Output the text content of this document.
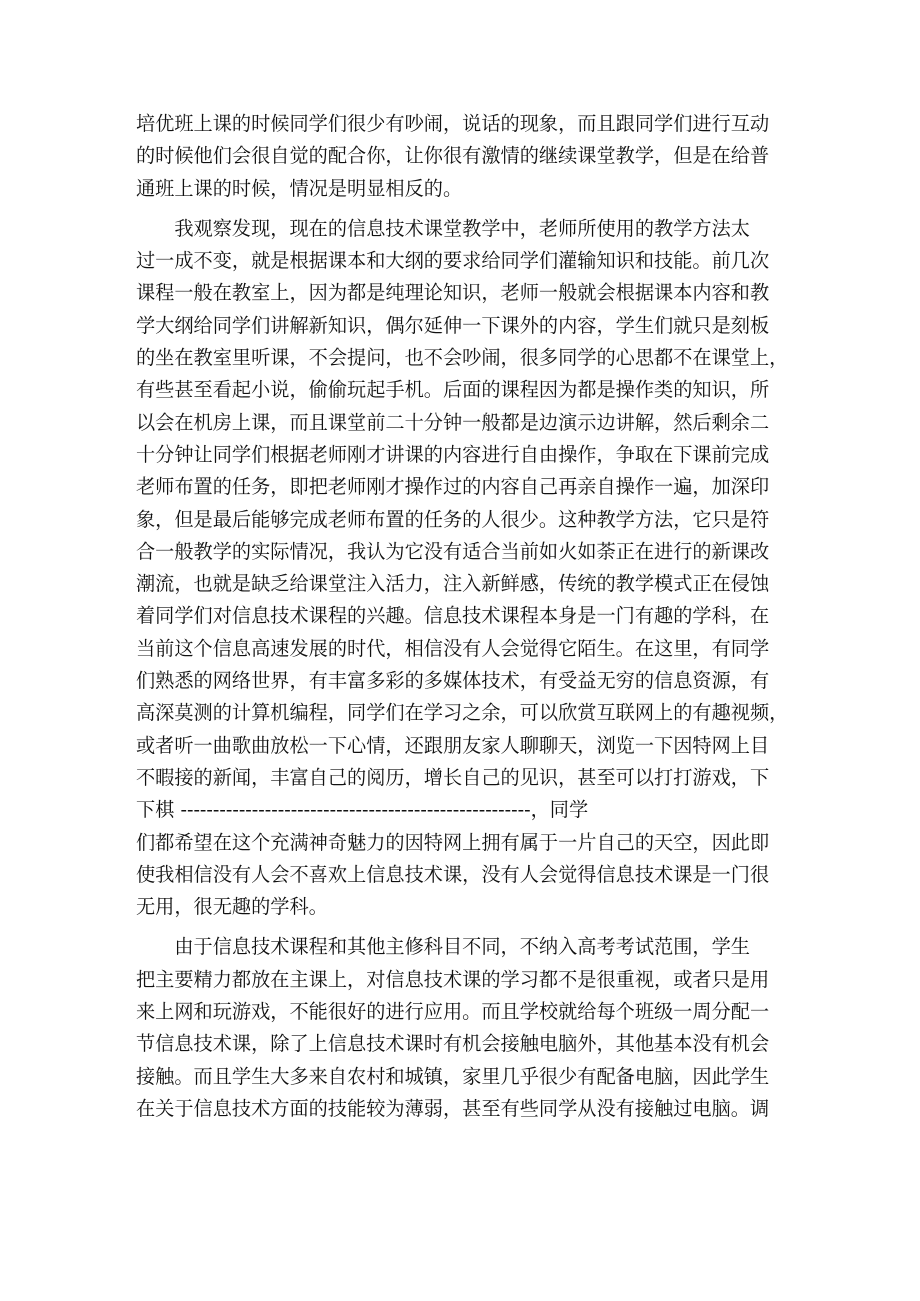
培优班上课的时候同学们很少有吵闹，说话的现象，而且跟同学们进行互动
的时候他们会很自觉的配合你，让你很有激情的继续课堂教学，但是在给普
通班上课的时候，情况是明显相反的。
　　我观察发现，现在的信息技术课堂教学中，老师所使用的教学方法太
过一成不变，就是根据课本和大纲的要求给同学们灌输知识和技能。前几次
课程一般在教室上，因为都是纯理论知识，老师一般就会根据课本内容和教
学大纲给同学们讲解新知识，偶尔延伸一下课外的内容，学生们就只是刻板
的坐在教室里听课，不会提问，也不会吵闹，很多同学的心思都不在课堂上，
有些甚至看起小说，偷偷玩起手机。后面的课程因为都是操作类的知识，所
以会在机房上课，而且课堂前二十分钟一般都是边演示边讲解，然后剩余二
十分钟让同学们根据老师刚才讲课的内容进行自由操作，争取在下课前完成
老师布置的任务，即把老师刚才操作过的内容自己再亲自操作一遍，加深印
象，但是最后能够完成老师布置的任务的人很少。这种教学方法，它只是符
合一般教学的实际情况，我认为它没有适合当前如火如荼正在进行的新课改
潮流，也就是缺乏给课堂注入活力，注入新鲜感，传统的教学模式正在侵蚀
着同学们对信息技术课程的兴趣。信息技术课程本身是一门有趣的学科，在
当前这个信息高速发展的时代，相信没有人会觉得它陌生。在这里，有同学
们熟悉的网络世界，有丰富多彩的多媒体技术，有受益无穷的信息资源，有
高深莫测的计算机编程，同学们在学习之余，可以欣赏互联网上的有趣视频，
或者听一曲歌曲放松一下心情，还跟朋友家人聊聊天，浏览一下因特网上目
不暇接的新闻，丰富自己的阅历，增长自己的见识，甚至可以打打游戏，下
下棋 ------------------------------------------------------，同学
们都希望在这个充满神奇魅力的因特网上拥有属于一片自己的天空，因此即
使我相信没有人会不喜欢上信息技术课，没有人会觉得信息技术课是一门很
无用，很无趣的学科。
　　由于信息技术课程和其他主修科目不同，不纳入高考考试范围，学生
把主要精力都放在主课上，对信息技术课的学习都不是很重视，或者只是用
来上网和玩游戏，不能很好的进行应用。而且学校就给每个班级一周分配一
节信息技术课，除了上信息技术课时有机会接触电脑外，其他基本没有机会
接触。而且学生大多来自农村和城镇，家里几乎很少有配备电脑，因此学生
在关于信息技术方面的技能较为薄弱，甚至有些同学从没有接触过电脑。调
